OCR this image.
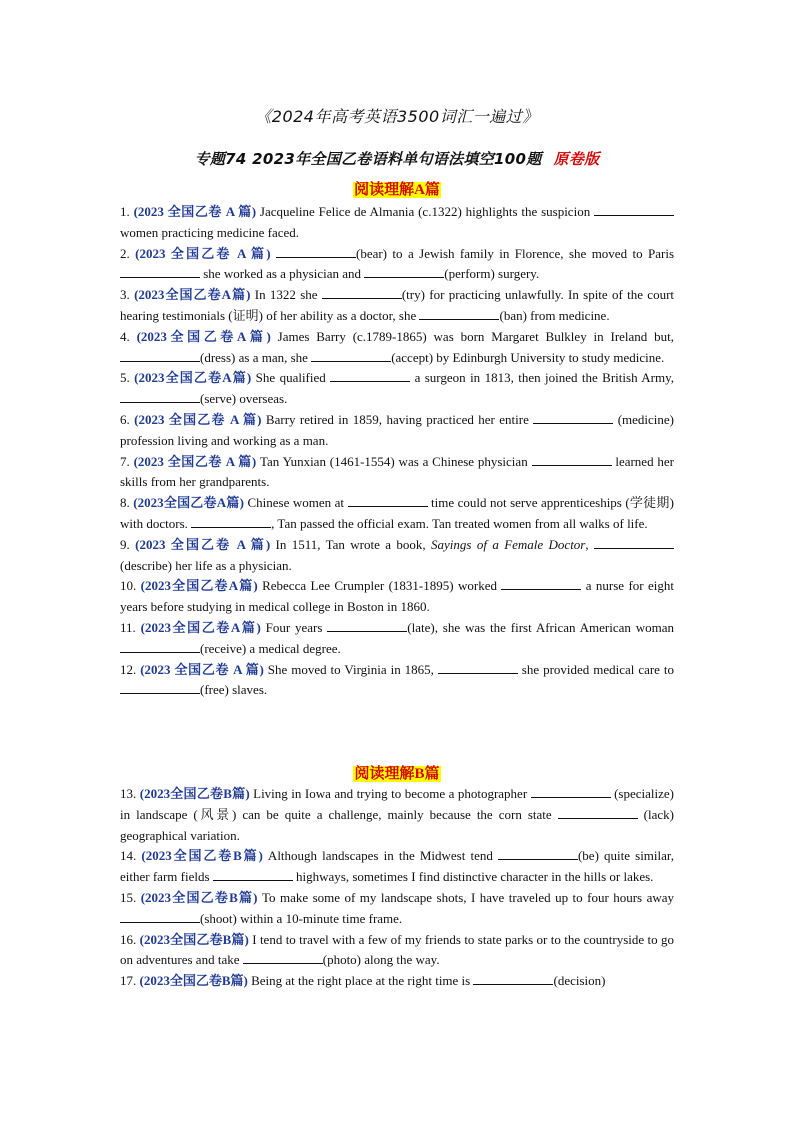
《2024年高考英语3500词汇一遍过》
专题74 2023年全国乙卷语料单句语法填空100题 原卷版
阅读理解A篇

1. (2023 全国乙卷 A 篇) Jacqueline Felice de Almania (c.1322) highlights the suspicion  women practicing medicine faced.

2. (2023 全国乙卷 A 篇)	(bear) to a Jewish family in Florence, she moved to Paris  she worked as a physician and	(perform) surgery.

3. (2023全国乙卷A篇) In 1322 she	(try) for practicing unlawfully. In spite of the court hearing testimonials (证明) of her ability as a doctor, she	(ban) from medicine.

4. (2023全国乙卷A篇) James Barry (c.1789-1865) was born Margaret Bulkley in Ireland but, (dress) as a man, she	(accept) by Edinburgh University to study medicine.

5. (2023全国乙卷A篇) She qualified	a surgeon in 1813, then joined the British Army, (serve) overseas.

6. (2023 全国乙卷 A 篇) Barry retired in 1859, having practiced her entire	(medicine) profession living and working as a man.

7. (2023 全国乙卷 A 篇) Tan Yunxian (1461-1554) was a Chinese physician	learned her skills from her grandparents.

8. (2023全国乙卷A篇) Chinese women at	time could not serve apprenticeships (学徒期) with doctors.	, Tan passed the official exam. Tan treated women from all walks of life.

9. (2023 全国乙卷 A 篇) In 1511, Tan wrote a book, Sayings of a Female Doctor, (describe) her life as a physician.

10. (2023全国乙卷A篇) Rebecca Lee Crumpler (1831-1895) worked	a nurse for eight years before studying in medical college in Boston in 1860.

11. (2023全国乙卷A篇) Four years	(late), she was the first African American woman (receive) a medical degree.

12. (2023 全国乙卷 A 篇) She moved to Virginia in 1865,	she provided medical care to (free) slaves.

阅读理解B篇

13. (2023全国乙卷B篇) Living in Iowa and trying to become a photographer	(specialize) in landscape (风景) can be quite a challenge, mainly because the corn state	(lack) geographical variation.

14. (2023全国乙卷B篇) Although landscapes in the Midwest tend	(be) quite similar, either farm fields	highways, sometimes I find distinctive character in the hills or lakes.

15. (2023全国乙卷B篇) To make some of my landscape shots, I have traveled up to four hours away (shoot) within a 10-minute time frame.

16. (2023全国乙卷B篇) I tend to travel with a few of my friends to state parks or to the countryside to go on adventures and take	(photo) along the way.

17. (2023全国乙卷B篇) Being at the right place at the right time is	(decision)
